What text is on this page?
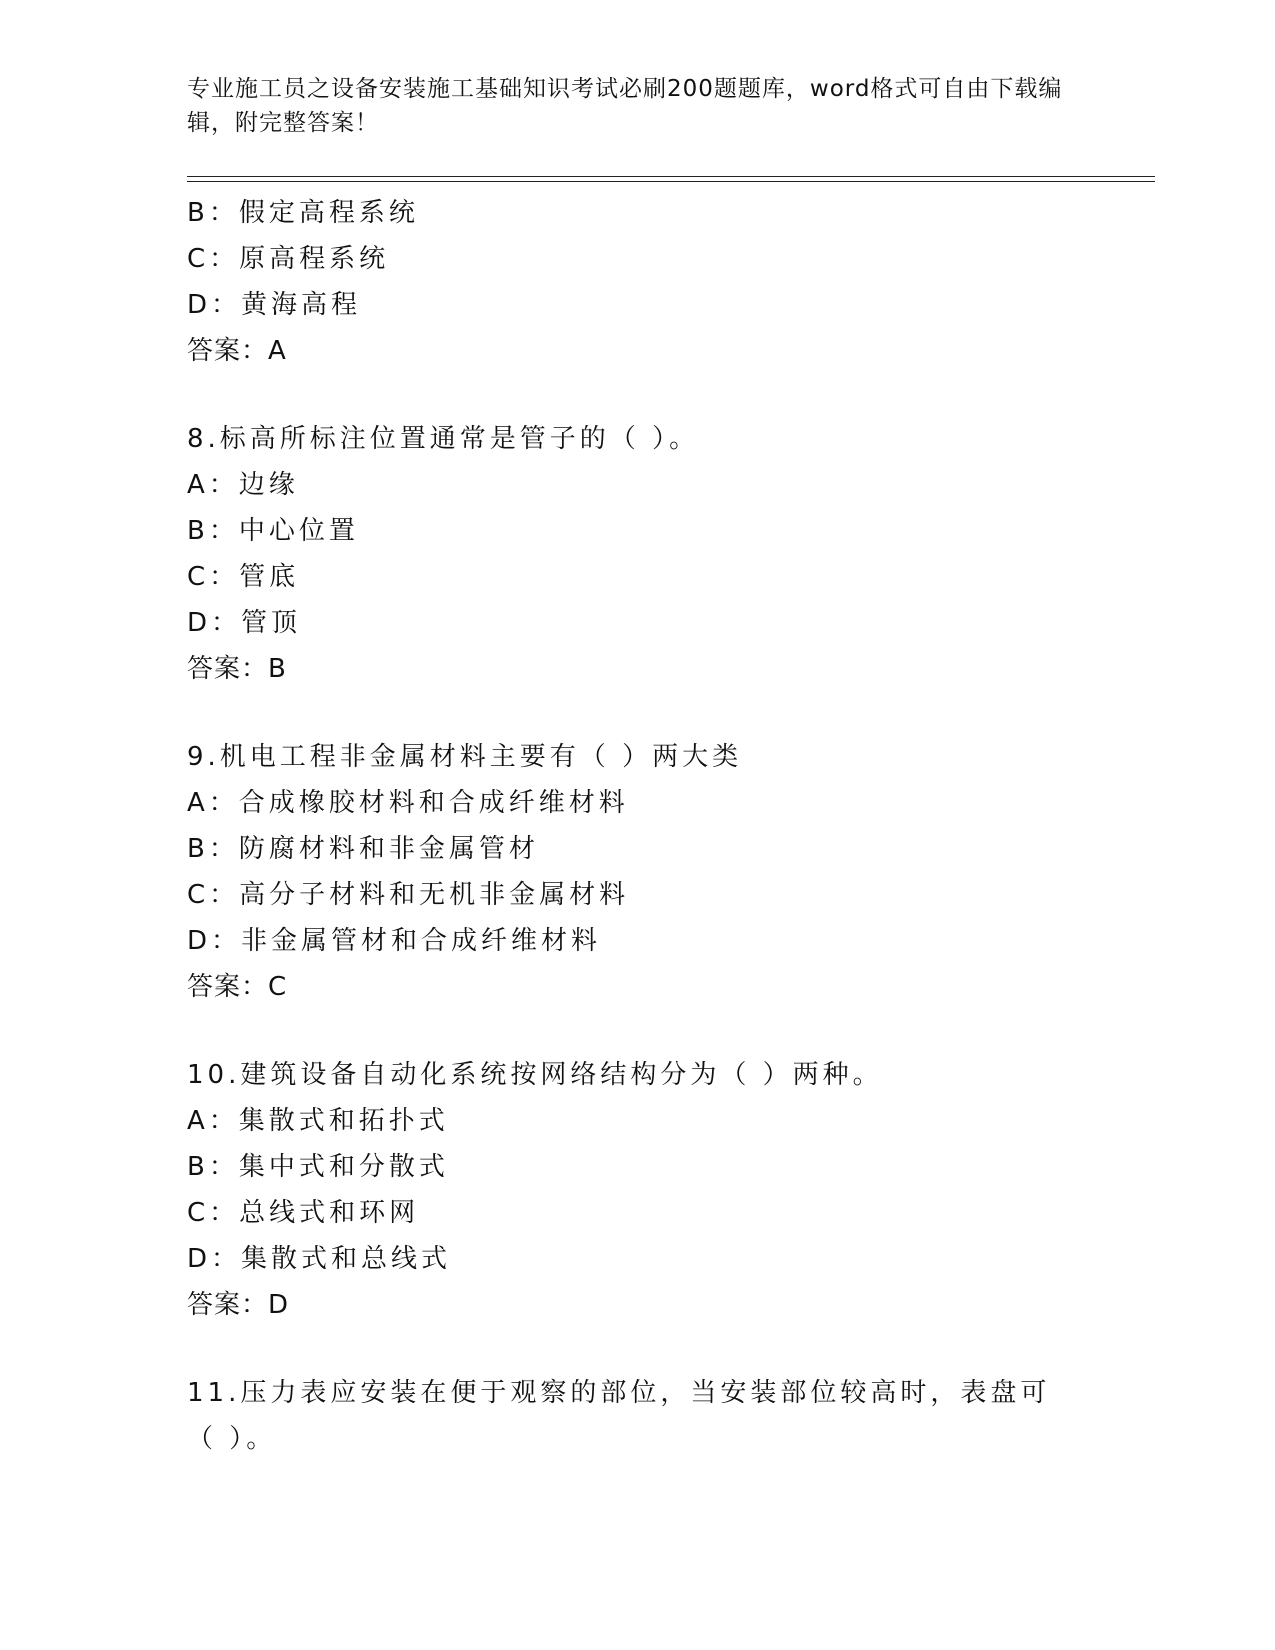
专业施工员之设备安装施工基础知识考试必刷200题题库，word格式可自由下载编辑，附完整答案！
B：假定高程系统
C：原高程系统
D：黄海高程
答案：A
8.标高所标注位置通常是管子的（ ）。
A：边缘
B：中心位置
C：管底
D：管顶
答案：B
9.机电工程非金属材料主要有（ ）两大类
A：合成橡胶材料和合成纤维材料
B：防腐材料和非金属管材
C：高分子材料和无机非金属材料
D：非金属管材和合成纤维材料
答案：C
10.建筑设备自动化系统按网络结构分为（ ）两种。
A：集散式和拓扑式
B：集中式和分散式
C：总线式和环网
D：集散式和总线式
答案：D
11.压力表应安装在便于观察的部位，当安装部位较高时，表盘可（ ）。
